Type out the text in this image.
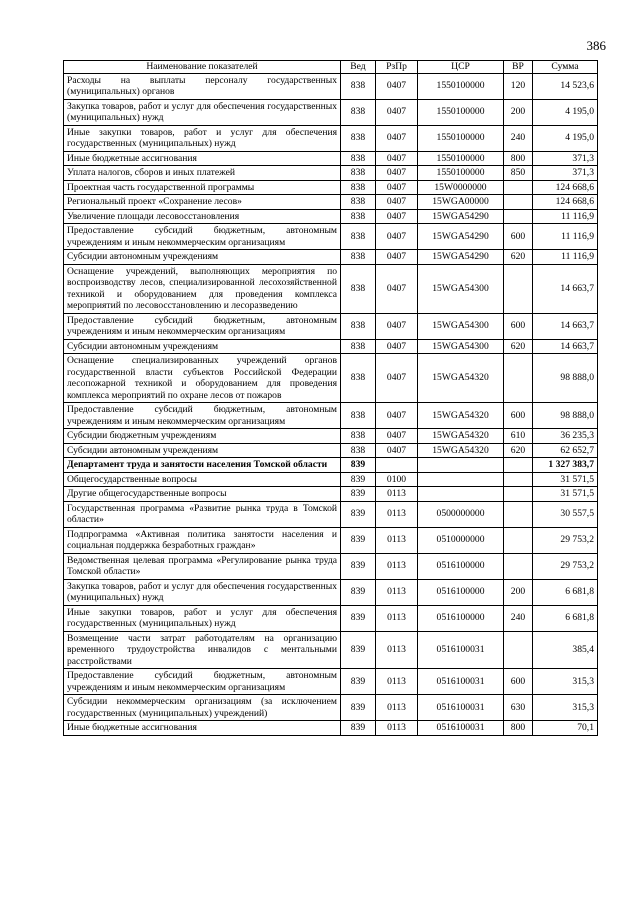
386
Наименование показателей	Вед	РзПр	ЦСР	ВР	Сумма
Расходы на выплаты персоналу государственных (муниципальных) органов	838	0407	1550100000	120	14 523,6
Закупка товаров, работ и услуг для обеспечения государственных (муниципальных) нужд	838	0407	1550100000	200	4 195,0
Иные закупки товаров, работ и услуг для обеспечения государственных (муниципальных) нужд	838	0407	1550100000	240	4 195,0
Иные бюджетные ассигнования	838	0407	1550100000	800	371,3
Уплата налогов, сборов и иных платежей	838	0407	1550100000	850	371,3
Проектная часть государственной программы	838	0407	15W0000000		124 668,6
Региональный проект «Сохранение лесов»	838	0407	15WGA00000		124 668,6
Увеличение площади лесовосстановления	838	0407	15WGA54290		11 116,9
Предоставление субсидий бюджетным, автономным учреждениям и иным некоммерческим организациям	838	0407	15WGA54290	600	11 116,9
Субсидии автономным учреждениям	838	0407	15WGA54290	620	11 116,9
Оснащение учреждений, выполняющих мероприятия по воспроизводству лесов, специализированной лесохозяйственной техникой и оборудованием для проведения комплекса мероприятий по лесовосстановлению и лесоразведению	838	0407	15WGA54300		14 663,7
Предоставление субсидий бюджетным, автономным учреждениям и иным некоммерческим организациям	838	0407	15WGA54300	600	14 663,7
Субсидии автономным учреждениям	838	0407	15WGA54300	620	14 663,7
Оснащение специализированных учреждений органов государственной власти субъектов Российской Федерации лесопожарной техникой и оборудованием для проведения комплекса мероприятий по охране лесов от пожаров	838	0407	15WGA54320		98 888,0
Предоставление субсидий бюджетным, автономным учреждениям и иным некоммерческим организациям	838	0407	15WGA54320	600	98 888,0
Субсидии бюджетным учреждениям	838	0407	15WGA54320	610	36 235,3
Субсидии автономным учреждениям	838	0407	15WGA54320	620	62 652,7
Департамент труда и занятости населения Томской области	839				1 327 383,7
Общегосударственные вопросы	839	0100			31 571,5
Другие общегосударственные вопросы	839	0113			31 571,5
Государственная программа «Развитие рынка труда в Томской области»	839	0113	0500000000		30 557,5
Подпрограмма «Активная политика занятости населения и социальная поддержка безработных граждан»	839	0113	0510000000		29 753,2
Ведомственная целевая программа «Регулирование рынка труда Томской области»	839	0113	0516100000		29 753,2
Закупка товаров, работ и услуг для обеспечения государственных (муниципальных) нужд	839	0113	0516100000	200	6 681,8
Иные закупки товаров, работ и услуг для обеспечения государственных (муниципальных) нужд	839	0113	0516100000	240	6 681,8
Возмещение части затрат работодателям на организацию временного трудоустройства инвалидов с ментальными расстройствами	839	0113	0516100031		385,4
Предоставление субсидий бюджетным, автономным учреждениям и иным некоммерческим организациям	839	0113	0516100031	600	315,3
Субсидии некоммерческим организациям (за исключением государственных (муниципальных) учреждений)	839	0113	0516100031	630	315,3
Иные бюджетные ассигнования	839	0113	0516100031	800	70,1
